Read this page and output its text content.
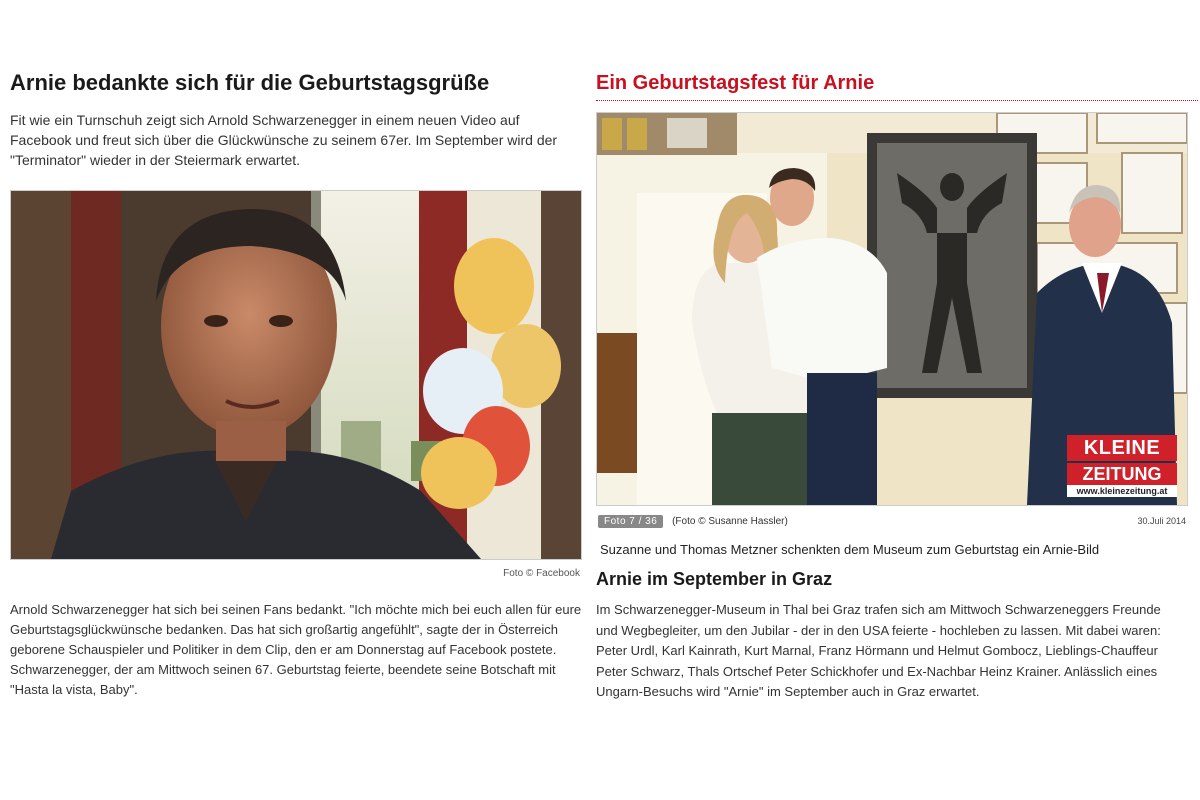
Arnie bedankte sich für die Geburtstagsgrüße
Fit wie ein Turnschuh zeigt sich Arnold Schwarzenegger in einem neuen Video auf Facebook und freut sich über die Glückwünsche zu seinem 67er. Im September wird der "Terminator" wieder in der Steiermark erwartet.
Foto © Facebook
Arnold Schwarzenegger hat sich bei seinen Fans bedankt. "Ich möchte mich bei euch allen für eure Geburtstagsglückwünsche bedanken. Das hat sich großartig angefühlt", sagte der in Österreich geborene Schauspieler und Politiker in dem Clip, den er am Donnerstag auf Facebook postete. Schwarzenegger, der am Mittwoch seinen 67. Geburtstag feierte, beendete seine Botschaft mit "Hasta la vista, Baby".
Ein Geburtstagsfest für Arnie
KLEINE
ZEITUNG
www.kleinezeitung.at
Foto 7 / 36 (Foto © Susanne Hassler)	30.Juli 2014
Suzanne und Thomas Metzner schenkten dem Museum zum Geburtstag ein Arnie-Bild
Arnie im September in Graz
Im Schwarzenegger-Museum in Thal bei Graz trafen sich am Mittwoch Schwarzeneggers Freunde und Wegbegleiter, um den Jubilar - der in den USA feierte - hochleben zu lassen. Mit dabei waren: Peter Urdl, Karl Kainrath, Kurt Marnal, Franz Hörmann und Helmut Gombocz, Lieblings-Chauffeur Peter Schwarz, Thals Ortschef Peter Schickhofer und Ex-Nachbar Heinz Krainer. Anlässlich eines Ungarn-Besuchs wird "Arnie" im September auch in Graz erwartet.
